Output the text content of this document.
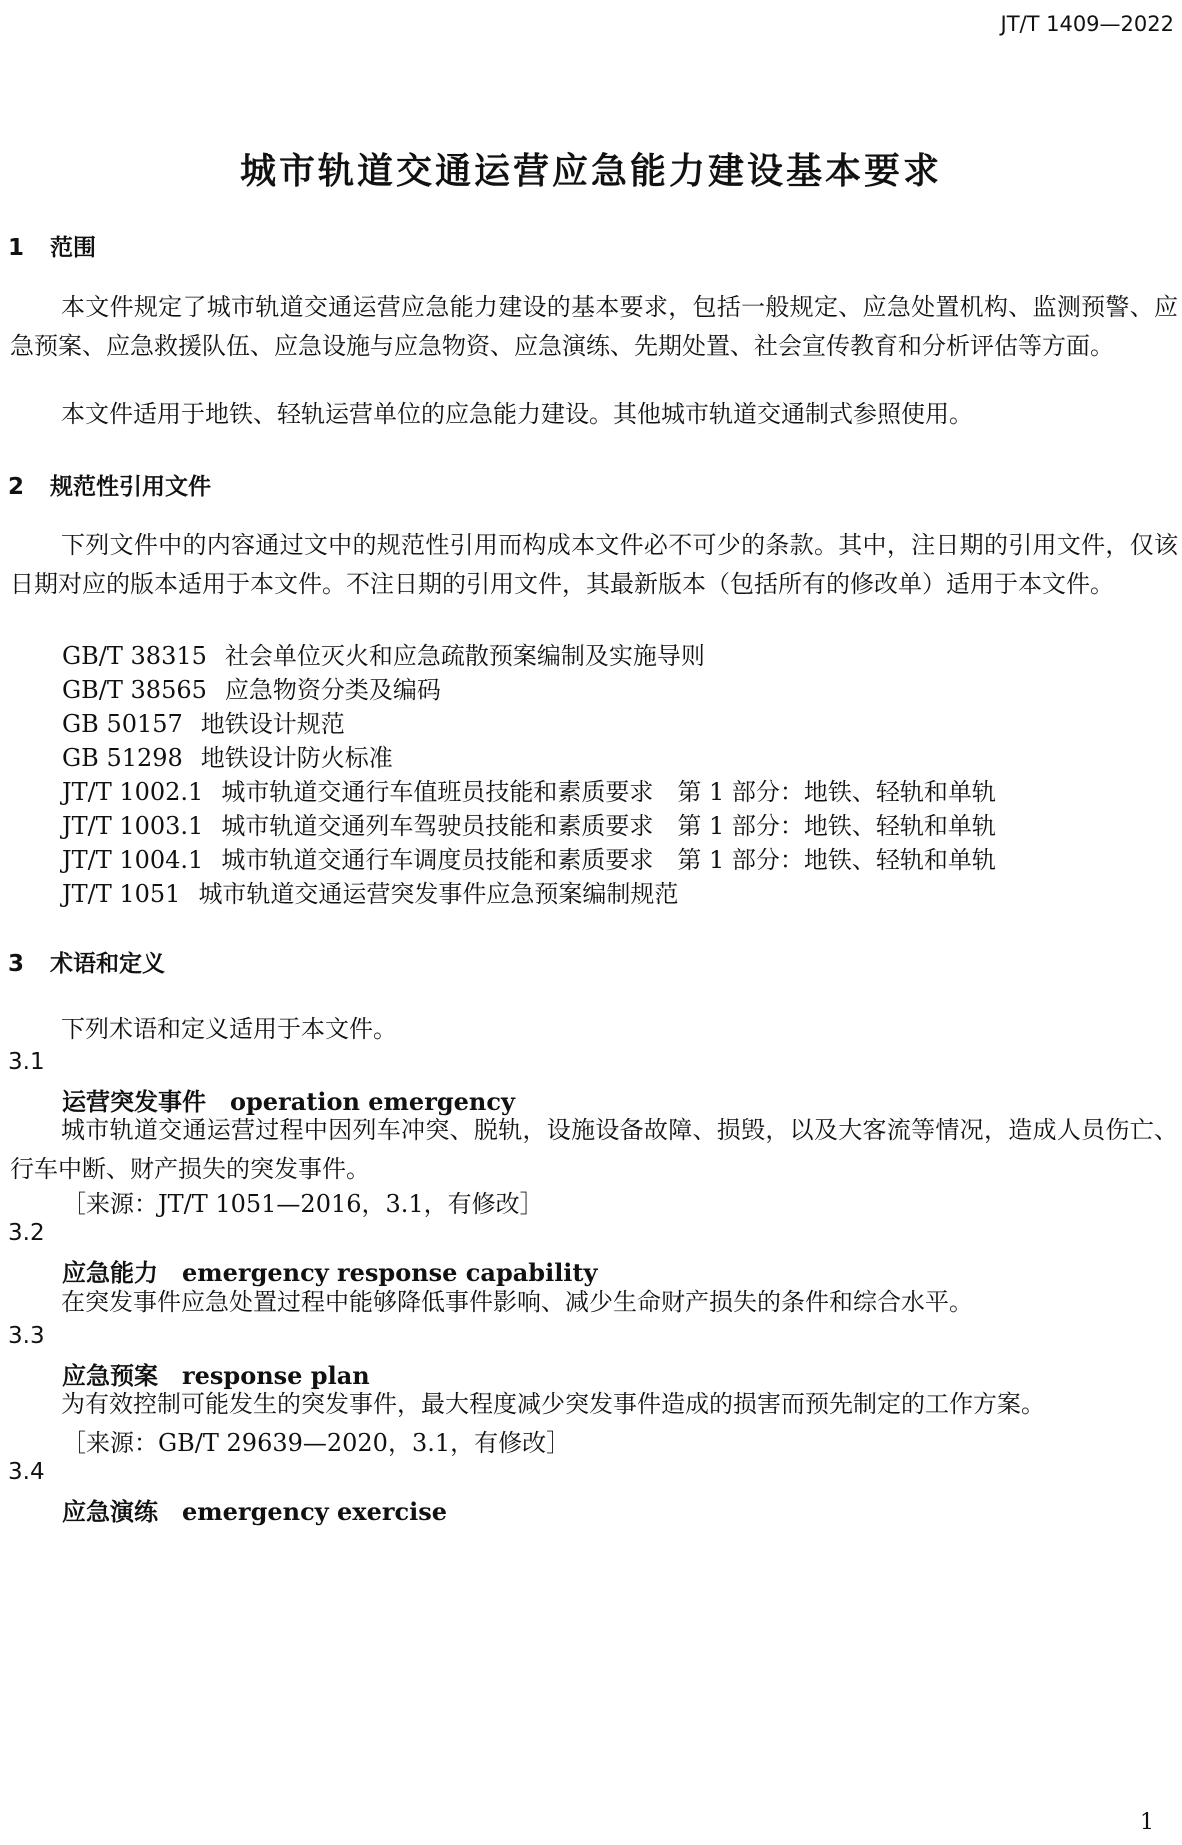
JT/T 1409—2022
城市轨道交通运营应急能力建设基本要求
1 范围
本文件规定了城市轨道交通运营应急能力建设的基本要求，包括一般规定、应急处置机构、监测预警、应急预案、应急救援队伍、应急设施与应急物资、应急演练、先期处置、社会宣传教育和分析评估等方面。
本文件适用于地铁、轻轨运营单位的应急能力建设。其他城市轨道交通制式参照使用。
2 规范性引用文件
下列文件中的内容通过文中的规范性引用而构成本文件必不可少的条款。其中，注日期的引用文件，仅该日期对应的版本适用于本文件。不注日期的引用文件，其最新版本（包括所有的修改单）适用于本文件。
GB/T 38315 社会单位灭火和应急疏散预案编制及实施导则
GB/T 38565 应急物资分类及编码
GB 50157 地铁设计规范
GB 51298 地铁设计防火标准
JT/T 1002.1 城市轨道交通行车值班员技能和素质要求　第 1 部分：地铁、轻轨和单轨
JT/T 1003.1 城市轨道交通列车驾驶员技能和素质要求　第 1 部分：地铁、轻轨和单轨
JT/T 1004.1 城市轨道交通行车调度员技能和素质要求　第 1 部分：地铁、轻轨和单轨
JT/T 1051 城市轨道交通运营突发事件应急预案编制规范
3 术语和定义
下列术语和定义适用于本文件。
3.1
运营突发事件 operation emergency
城市轨道交通运营过程中因列车冲突、脱轨，设施设备故障、损毁，以及大客流等情况，造成人员伤亡、行车中断、财产损失的突发事件。
［来源：JT/T 1051—2016，3.1，有修改］
3.2
应急能力 emergency response capability
在突发事件应急处置过程中能够降低事件影响、减少生命财产损失的条件和综合水平。
3.3
应急预案 response plan
为有效控制可能发生的突发事件，最大程度减少突发事件造成的损害而预先制定的工作方案。
［来源：GB/T 29639—2020，3.1，有修改］
3.4
应急演练 emergency exercise
1
